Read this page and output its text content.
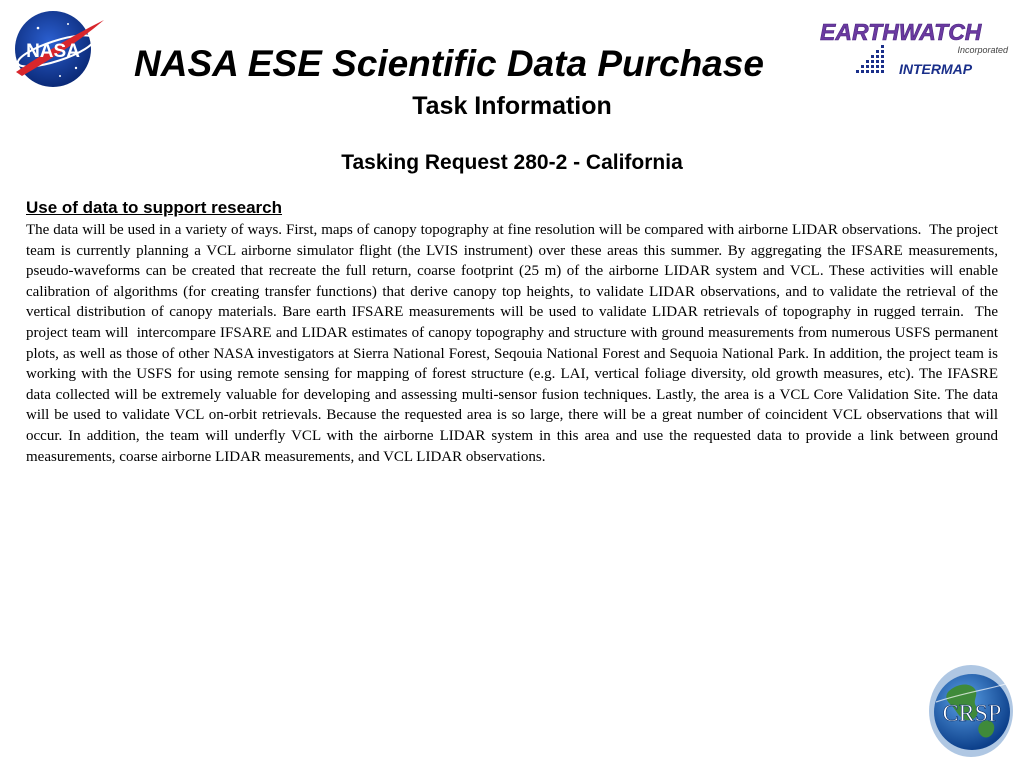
NASA NASA ESE Scientific Data Purchase
Task Information
EARTHWATCH
Incorporated
INTERMAP
Tasking Request 280-2 - California
Use of data to support research

The data will be used in a variety of ways. First, maps of canopy topography at fine resolution will be compared with airborne LIDAR observations.  The project team is currently planning a VCL airborne simulator flight (the LVIS instrument) over these areas this summer. By aggregating the IFSARE measurements, pseudo-waveforms can be created that recreate the full return, coarse footprint (25 m) of the airborne LIDAR system and VCL. These activities will enable calibration of algorithms (for creating transfer functions) that derive canopy top heights, to validate LIDAR observations, and to validate the retrieval of the vertical distribution of canopy materials. Bare earth IFSARE measurements will be used to validate LIDAR retrievals of topography in rugged terrain.  The project team will  intercompare IFSARE and LIDAR estimates of canopy topography and structure with ground measurements from numerous USFS permanent plots, as well as those of other NASA investigators at Sierra National Forest, Seqouia National Forest and Sequoia National Park. In addition, the project team is working with the USFS for using remote sensing for mapping of forest structure (e.g. LAI, vertical foliage diversity, old growth measures, etc). The IFASRE  data collected will be extremely valuable for developing and assessing multi-sensor fusion techniques. Lastly, the area is a VCL Core Validation Site. The data will be used to validate VCL on-orbit retrievals. Because the requested area is so large, there will be a great number of coincident VCL observations that will occur. In addition, the team will underfly VCL with the airborne LIDAR system in this area and use the requested data to provide a link between ground measurements, coarse airborne LIDAR measurements, and VCL LIDAR observations.

CRSP
